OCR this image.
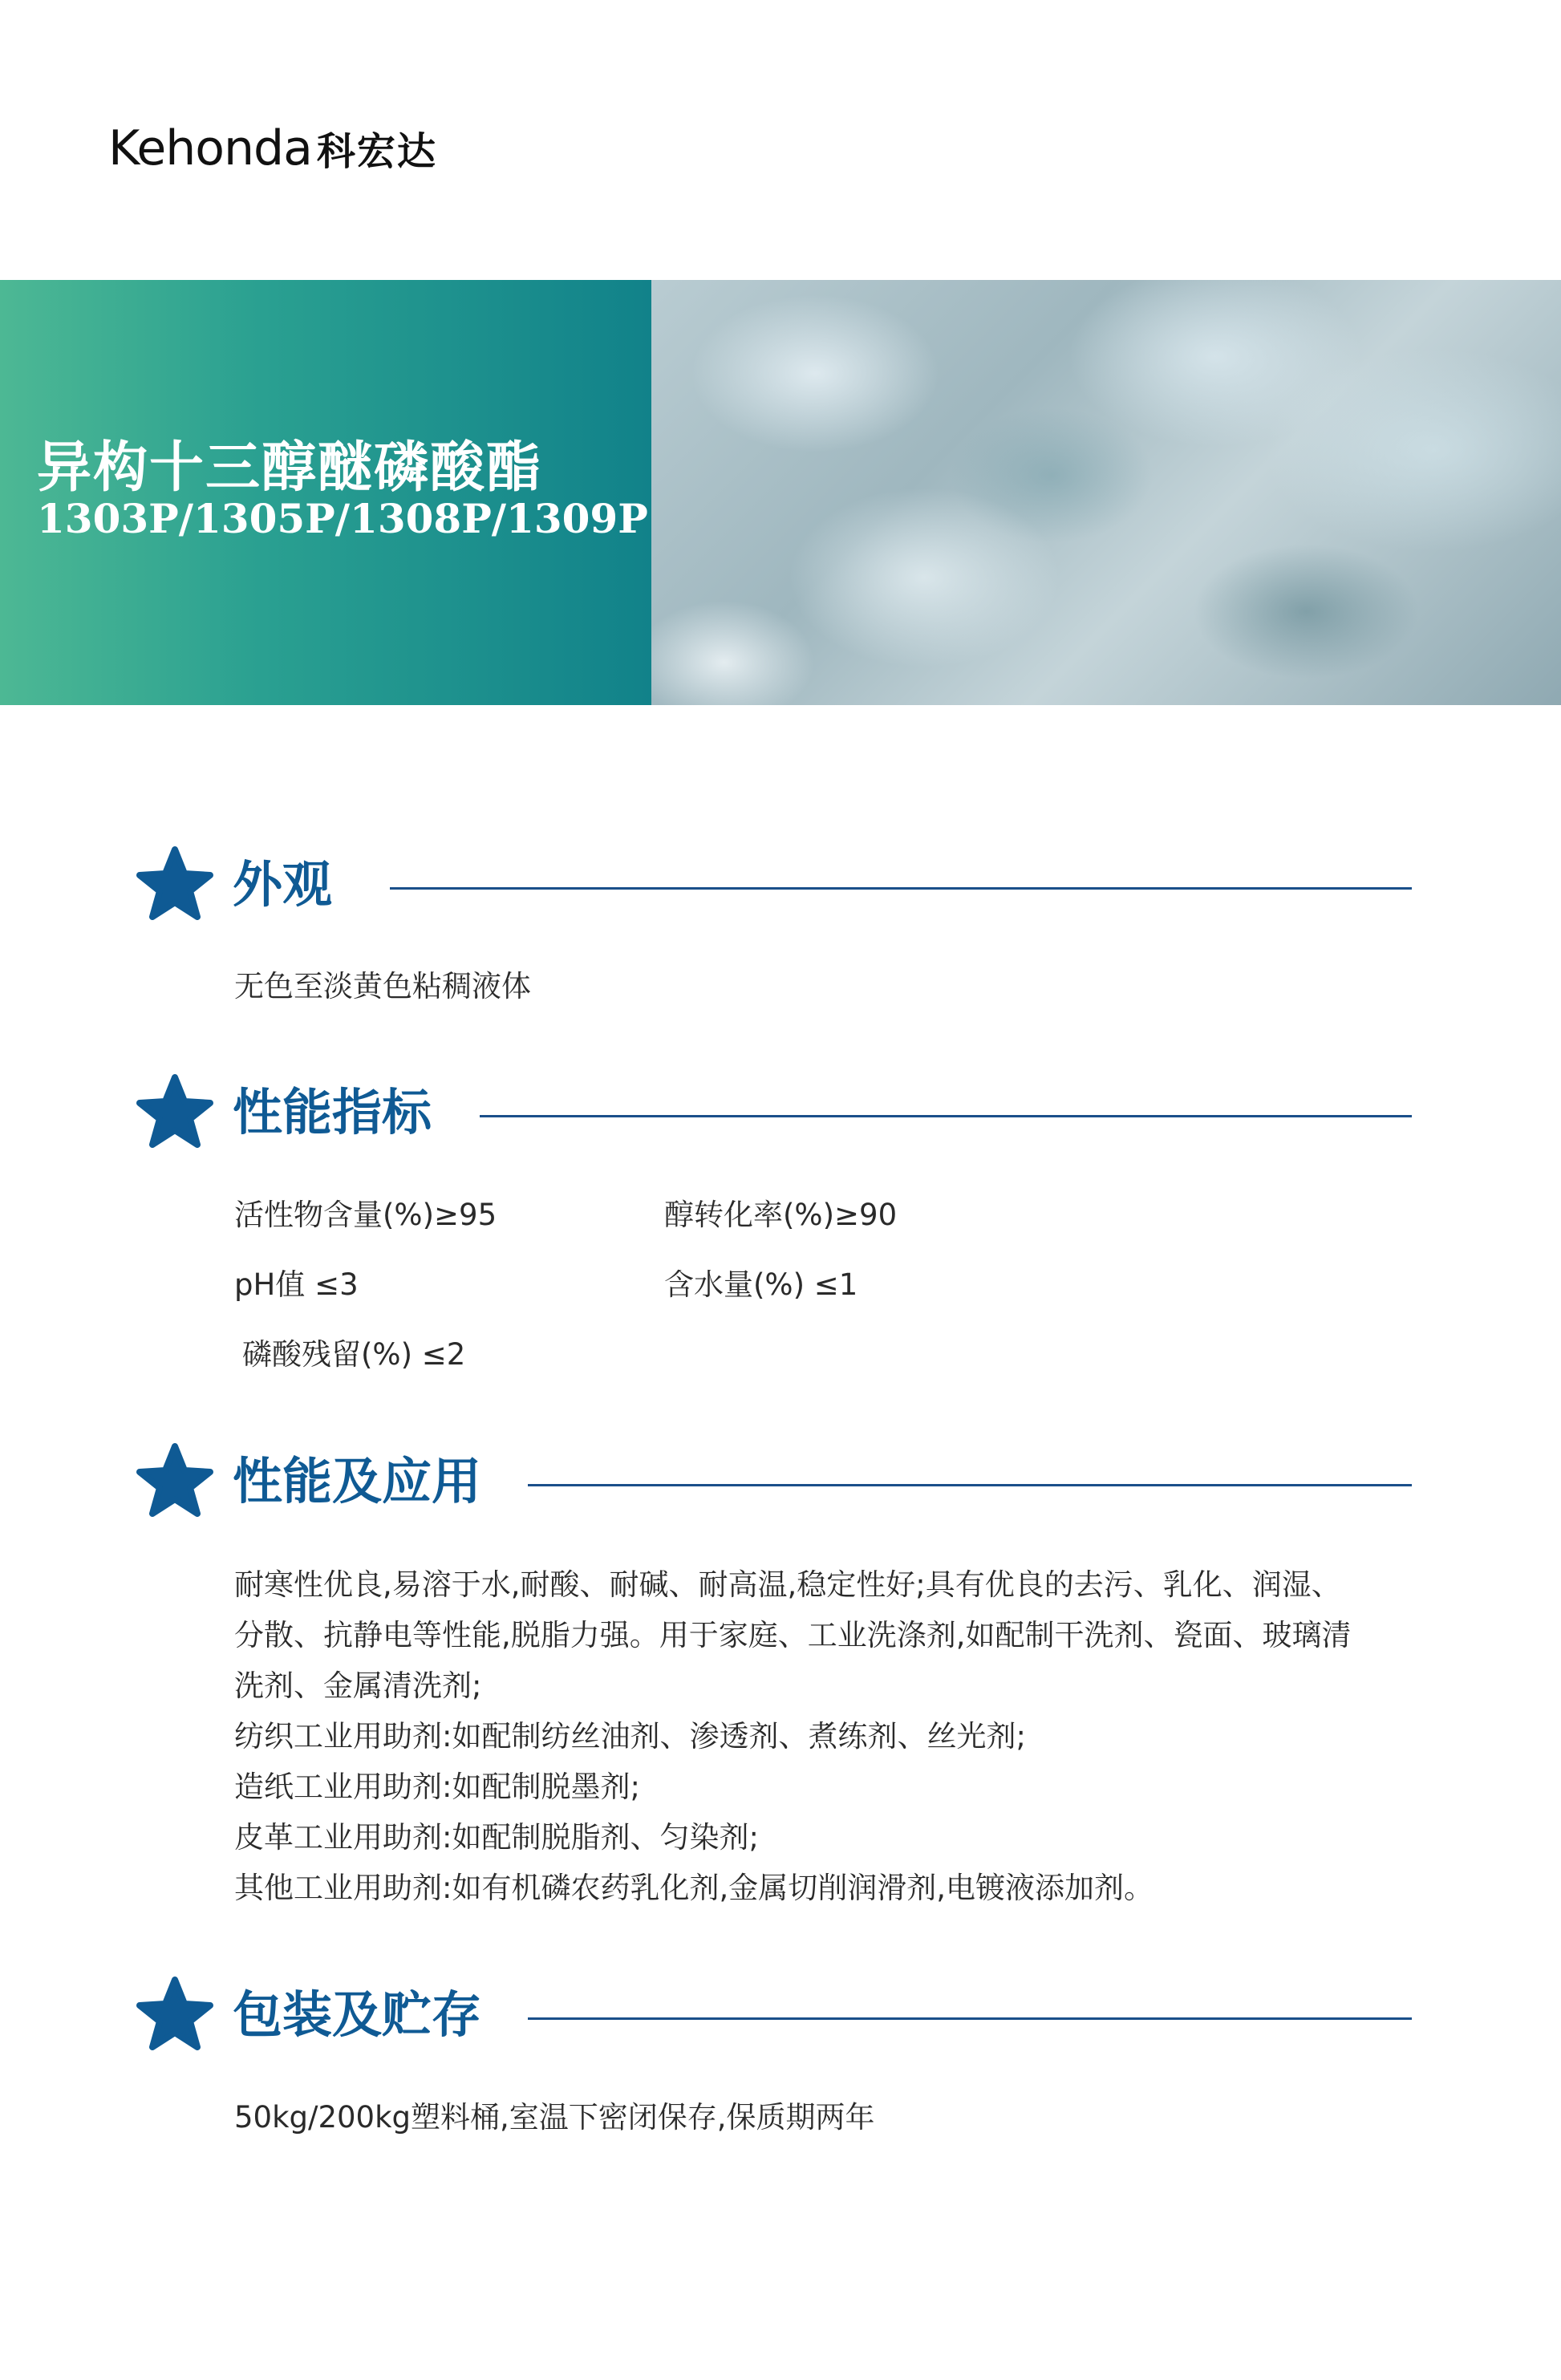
Kehonda 科宏达
异构十三醇醚磷酸酯
1303P/1305P/1308P/1309P
外观
无色至淡黄色粘稠液体
性能指标
活性物含量(%)≥95	醇转化率(%)≥90
pH值 ≤3	含水量(%) ≤1
磷酸残留(%) ≤2
性能及应用
耐寒性优良,易溶于水,耐酸、耐碱、耐高温,稳定性好;具有优良的去污、乳化、润湿、
分散、抗静电等性能,脱脂力强。用于家庭、工业洗涤剂,如配制干洗剂、瓷面、玻璃清
洗剂、金属清洗剂;
纺织工业用助剂:如配制纺丝油剂、渗透剂、煮练剂、丝光剂;
造纸工业用助剂:如配制脱墨剂;
皮革工业用助剂:如配制脱脂剂、匀染剂;
其他工业用助剂:如有机磷农药乳化剂,金属切削润滑剂,电镀液添加剂。
包装及贮存
50kg/200kg塑料桶,室温下密闭保存,保质期两年
